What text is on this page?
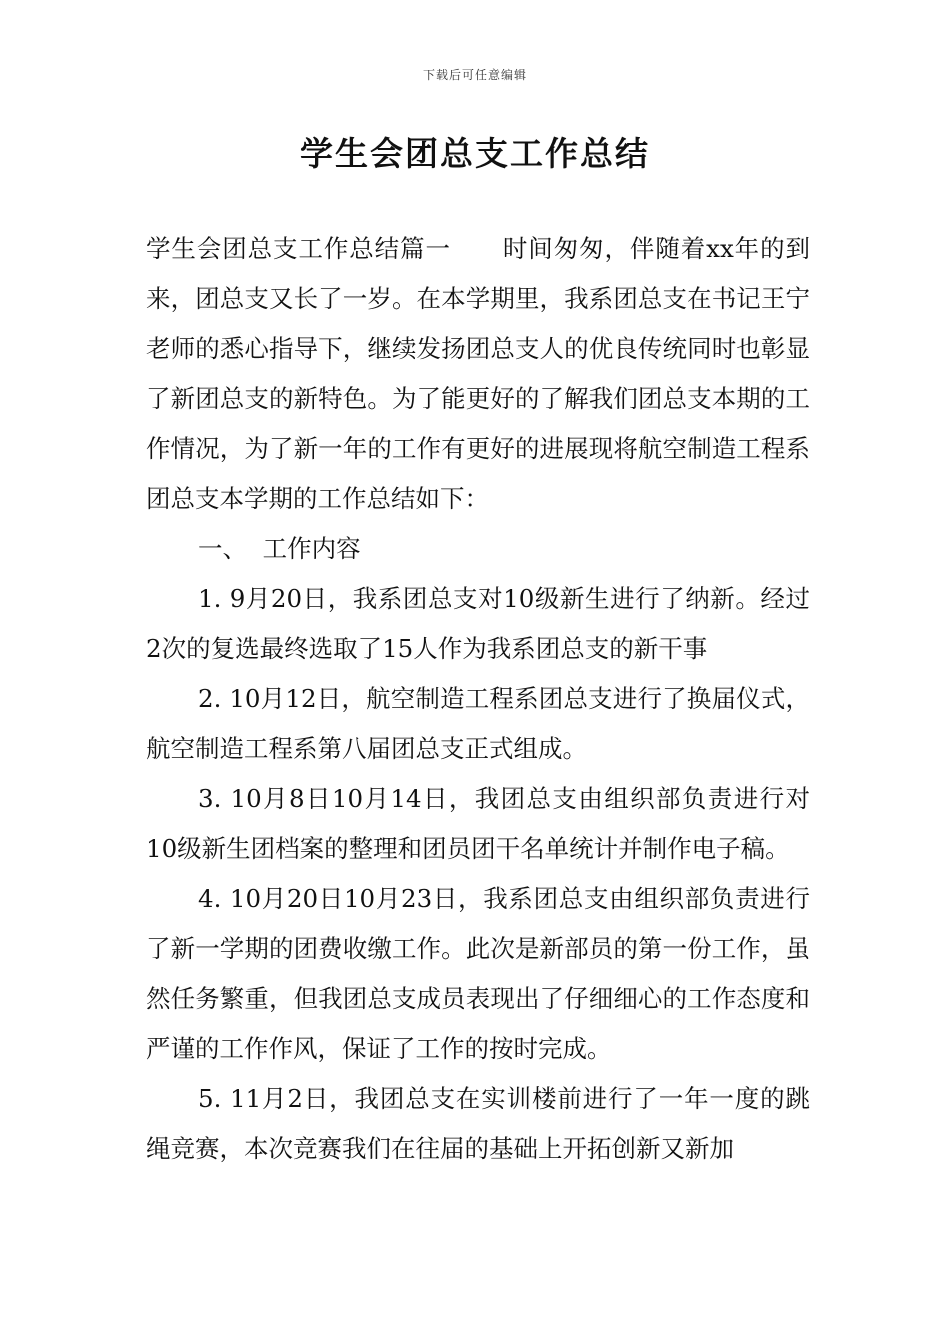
下载后可任意编辑
学生会团总支工作总结

学生会团总支工作总结篇一 时间匆匆，伴随着xx年的到来，团总支又长了一岁。在本学期里，我系团总支在书记王宁老师的悉心指导下，继续发扬团总支人的优良传统同时也彰显了新团总支的新特色。为了能更好的了解我们团总支本期的工作情况，为了新一年的工作有更好的进展现将航空制造工程系团总支本学期的工作总结如下：

一、  工作内容

1. 9月20日，我系团总支对10级新生进行了纳新。经过2次的复选最终选取了15人作为我系团总支的新干事

2. 10月12日，航空制造工程系团总支进行了换届仪式，航空制造工程系第八届团总支正式组成。

3. 10月8日10月14日，我团总支由组织部负责进行对10级新生团档案的整理和团员团干名单统计并制作电子稿。

4. 10月20日10月23日，我系团总支由组织部负责进行了新一学期的团费收缴工作。此次是新部员的第一份工作，虽然任务繁重，但我团总支成员表现出了仔细细心的工作态度和严谨的工作作风，保证了工作的按时完成。

5. 11月2日，我团总支在实训楼前进行了一年一度的跳绳竞赛，本次竞赛我们在往届的基础上开拓创新又新加
